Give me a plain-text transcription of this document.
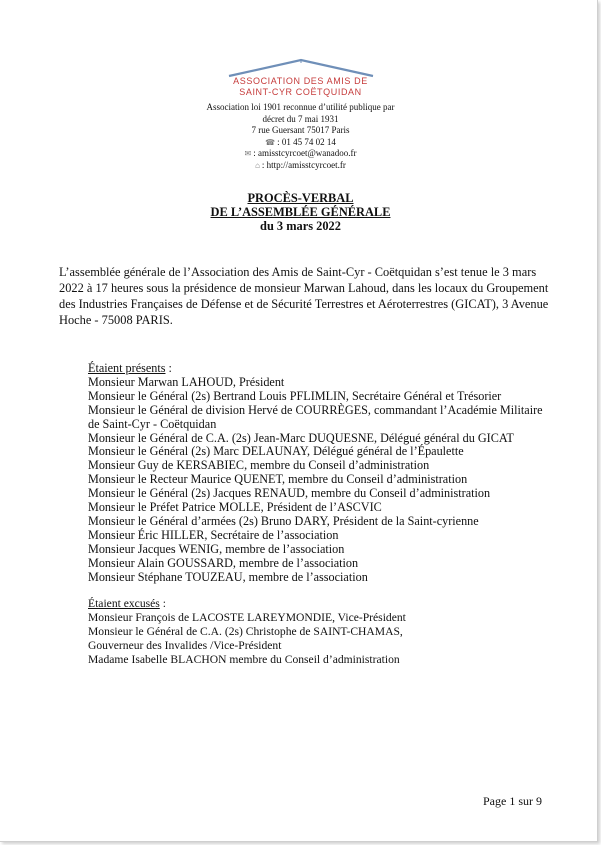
ASSOCIATION DES AMIS DE
SAINT-CYR COËTQUIDAN

Association loi 1901 reconnue d’utilité publique par

décret du 7 mai 1931

7 rue Guersant 75017 Paris

☎ : 01 45 74 02 14

✉ : amisstcyrcoet@wanadoo.fr

⌂ : http://amisstcyrcoet.fr

PROCÈS-VERBAL

DE L’ASSEMBLÉE GÉNÉRALE

du 3 mars 2022

L’assemblée générale de l’Association des Amis de Saint-Cyr - Coëtquidan s’est tenue le 3 mars 2022 à 17 heures sous la présidence de monsieur Marwan Lahoud, dans les locaux du Groupement des Industries Françaises de Défense et de Sécurité Terrestres et Aéroterrestres (GICAT), 3 Avenue Hoche - 75008 PARIS.

Étaient présents :

Monsieur Marwan LAHOUD, Président

Monsieur le Général (2s) Bertrand Louis PFLIMLIN, Secrétaire Général et Trésorier

Monsieur le Général de division Hervé de COURRÈGES, commandant l’Académie Militaire

de Saint-Cyr - Coëtquidan

Monsieur le Général de C.A. (2s) Jean-Marc DUQUESNE, Délégué général du GICAT

Monsieur le Général (2s) Marc DELAUNAY, Délégué général de l’Épaulette

Monsieur Guy de KERSABIEC, membre du Conseil d’administration

Monsieur le Recteur Maurice QUENET, membre du Conseil d’administration

Monsieur le Général (2s) Jacques RENAUD, membre du Conseil d’administration

Monsieur le Préfet Patrice MOLLE, Président de l’ASCVIC

Monsieur le Général d’armées (2s) Bruno DARY, Président de la Saint-cyrienne

Monsieur Éric HILLER, Secrétaire de l’association

Monsieur Jacques WENIG, membre de l’association

Monsieur Alain GOUSSARD, membre de l’association

Monsieur Stéphane TOUZEAU, membre de l’association

Étaient excusés :

Monsieur François de LACOSTE LAREYMONDIE, Vice-Président

Monsieur le Général de C.A. (2s) Christophe de SAINT-CHAMAS,

Gouverneur des Invalides /Vice-Président

Madame Isabelle BLACHON membre du Conseil d’administration

Page 1 sur 9
